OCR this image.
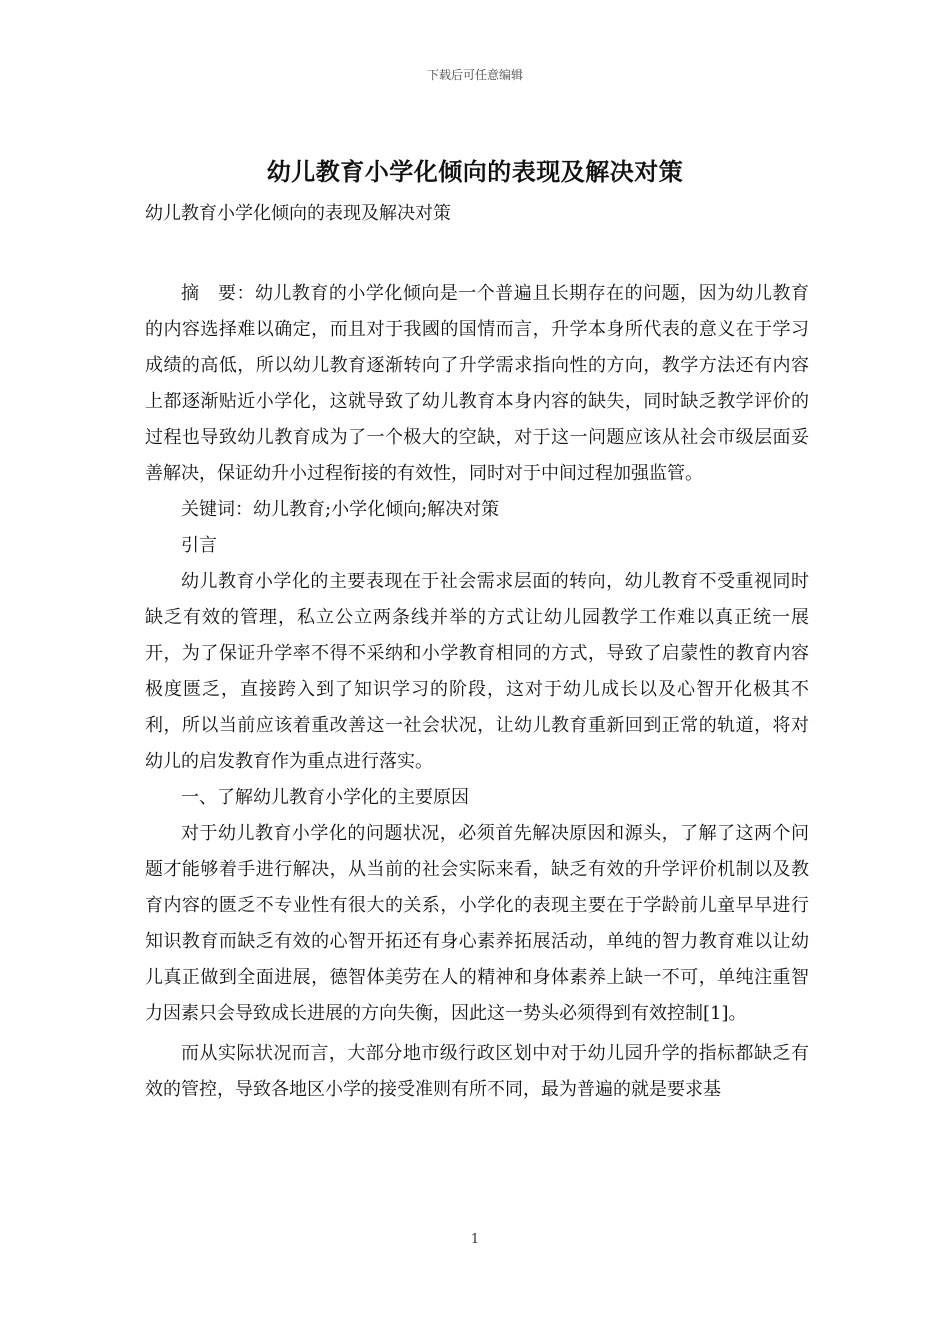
下载后可任意编辑
幼儿教育小学化倾向的表现及解决对策

幼儿教育小学化倾向的表现及解决对策

摘　要：幼儿教育的小学化倾向是一个普遍且长期存在的问题，因为幼儿教育的内容选择难以确定，而且对于我國的国情而言，升学本身所代表的意义在于学习成绩的高低，所以幼儿教育逐渐转向了升学需求指向性的方向，教学方法还有内容上都逐渐贴近小学化，这就导致了幼儿教育本身内容的缺失，同时缺乏教学评价的过程也导致幼儿教育成为了一个极大的空缺，对于这一问题应该从社会市级层面妥善解决，保证幼升小过程衔接的有效性，同时对于中间过程加强监管。

关键词：幼儿教育;小学化倾向;解决对策

引言

幼儿教育小学化的主要表现在于社会需求层面的转向，幼儿教育不受重视同时缺乏有效的管理，私立公立两条线并举的方式让幼儿园教学工作难以真正统一展开，为了保证升学率不得不采纳和小学教育相同的方式，导致了启蒙性的教育内容极度匮乏，直接跨入到了知识学习的阶段，这对于幼儿成长以及心智开化极其不利，所以当前应该着重改善这一社会状况，让幼儿教育重新回到正常的轨道，将对幼儿的启发教育作为重点进行落实。

一、了解幼儿教育小学化的主要原因

对于幼儿教育小学化的问题状况，必须首先解决原因和源头，了解了这两个问题才能够着手进行解决，从当前的社会实际来看，缺乏有效的升学评价机制以及教育内容的匮乏不专业性有很大的关系，小学化的表现主要在于学龄前儿童早早进行知识教育而缺乏有效的心智开拓还有身心素养拓展活动，单纯的智力教育难以让幼儿真正做到全面进展，德智体美劳在人的精神和身体素养上缺一不可，单纯注重智力因素只会导致成长进展的方向失衡，因此这一势头必须得到有效控制[1]。

而从实际状况而言，大部分地市级行政区划中对于幼儿园升学的指标都缺乏有效的管控，导致各地区小学的接受准则有所不同，最为普遍的就是要求基

1
